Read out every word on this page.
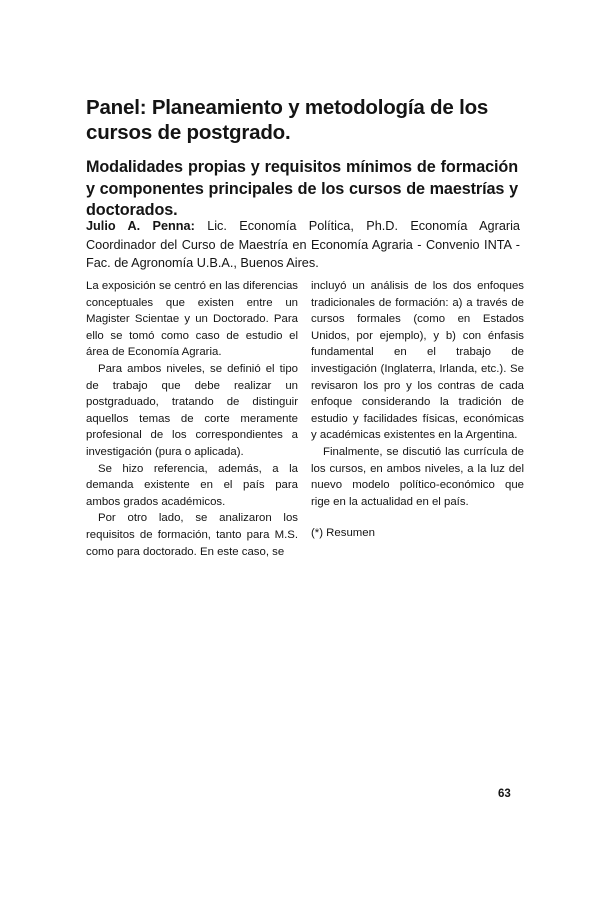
Panel: Planeamiento y metodología de los cursos de postgrado.
Modalidades propias y requisitos mínimos de formación y componentes principales de los cursos de maestrías y doctorados.
Julio A. Penna: Lic. Economía Política, Ph.D. Economía Agraria Coordinador del Curso de Maestría en Economía Agraria - Convenio INTA - Fac. de Agronomía U.B.A., Buenos Aires.

La exposición se centró en las diferencias conceptuales que existen entre un Magister Scientae y un Doctorado. Para ello se tomó como caso de estudio el área de Economía Agraria.

Para ambos niveles, se definió el tipo de trabajo que debe realizar un postgraduado, tratando de distinguir aquellos temas de corte meramente profesional de los correspondientes a investigación (pura o aplicada).

Se hizo referencia, además, a la demanda existente en el país para ambos grados académicos.

Por otro lado, se analizaron los requisitos de formación, tanto para M.S. como para doctorado. En este caso, se

incluyó un análisis de los dos enfoques tradicionales de formación: a) a través de cursos formales (como en Estados Unidos, por ejemplo), y b) con énfasis fundamental en el trabajo de investigación (Inglaterra, Irlanda, etc.). Se revisaron los pro y los contras de cada enfoque considerando la tradición de estudio y facilidades físicas, económicas y académicas existentes en la Argentina.

Finalmente, se discutió las currícula de los cursos, en ambos niveles, a la luz del nuevo modelo político-económico que rige en la actualidad en el país.

(*) Resumen

63
